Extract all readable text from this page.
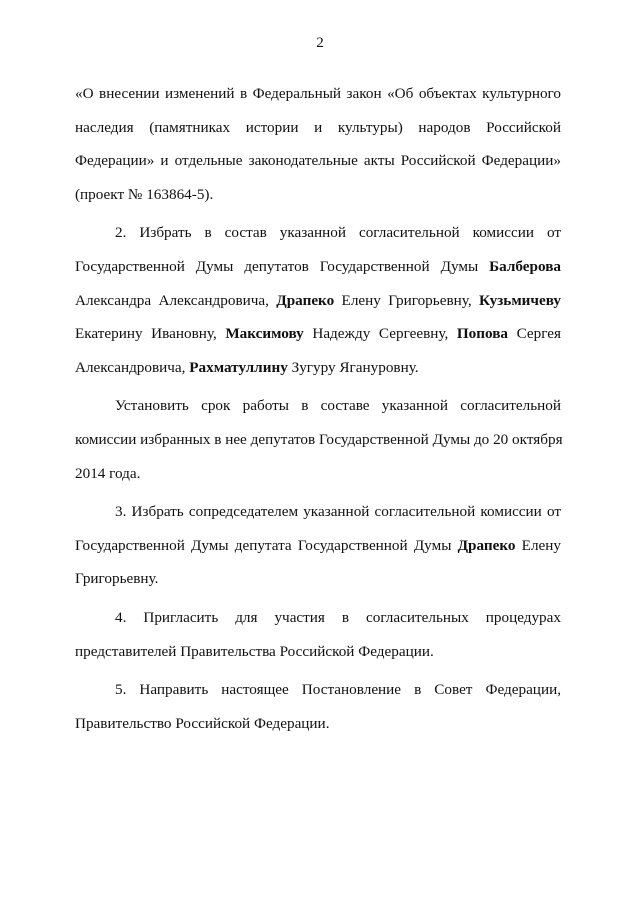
2
«О внесении изменений в Федеральный закон «Об объектах культурного
наследия (памятниках истории и культуры) народов Российской
Федерации» и отдельные законодательные акты Российской Федерации»
(проект № 163864-5).
2. Избрать в состав указанной согласительной комиссии от
Государственной Думы депутатов Государственной Думы Балберова
Александра Александровича, Драпеко Елену Григорьевну, Кузьмичеву
Екатерину Ивановну, Максимову Надежду Сергеевну, Попова Сергея
Александровича, Рахматуллину Зугуру Ягануровну.
Установить срок работы в составе указанной согласительной
комиссии избранных в нее депутатов Государственной Думы до 20 октября
2014 года.
3. Избрать сопредседателем указанной согласительной комиссии от
Государственной Думы депутата Государственной Думы Драпеко Елену
Григорьевну.
4. Пригласить для участия в согласительных процедурах
представителей Правительства Российской Федерации.
5. Направить настоящее Постановление в Совет Федерации,
Правительство Российской Федерации.
